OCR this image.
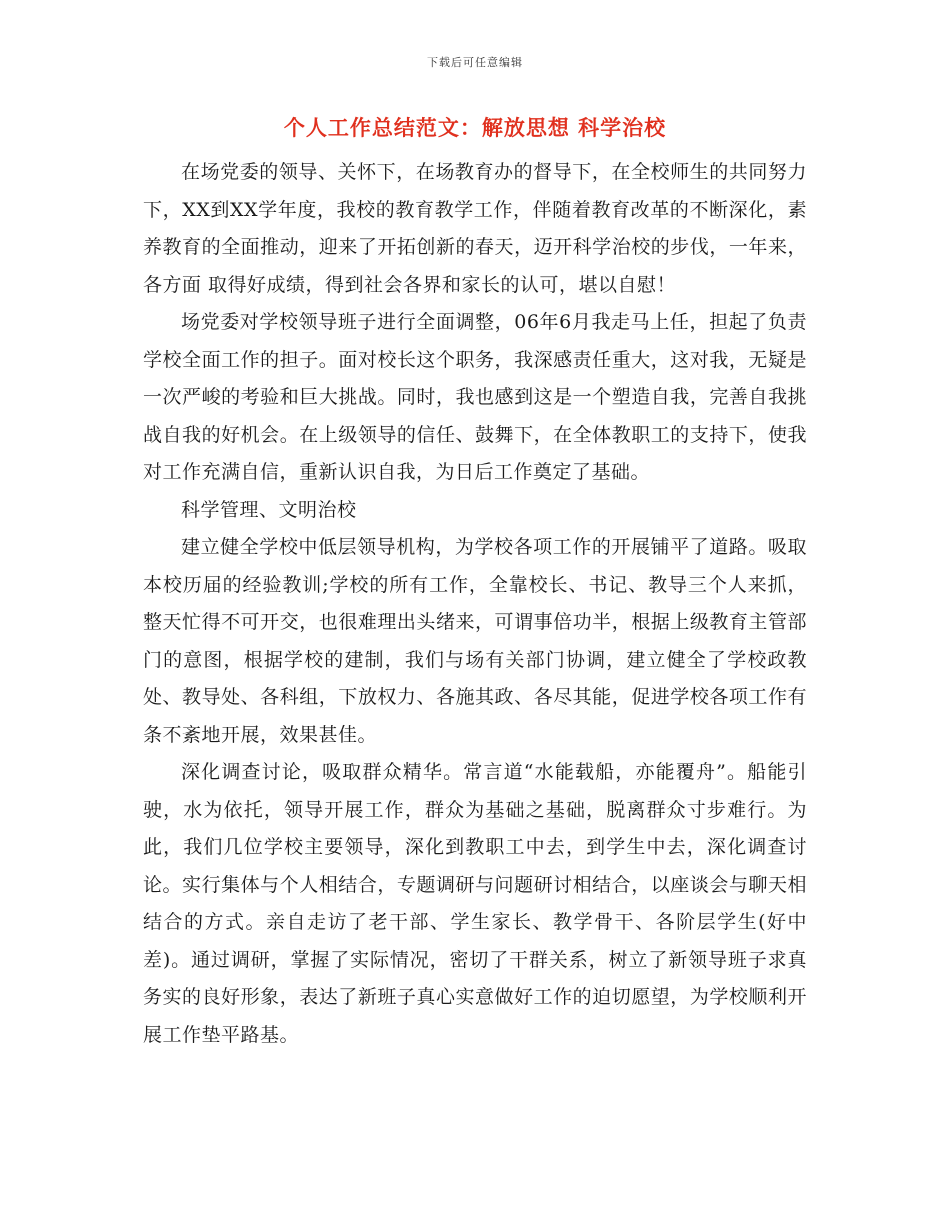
下载后可任意编辑
个人工作总结范文：解放思想 科学治校

在场党委的领导、关怀下，在场教育办的督导下，在全校师生的共同努力下，XX到XX学年度，我校的教育教学工作，伴随着教育改革的不断深化，素养教育的全面推动，迎来了开拓创新的春天，迈开科学治校的步伐，一年来，各方面 取得好成绩，得到社会各界和家长的认可，堪以自慰！

场党委对学校领导班子进行全面调整，06年6月我走马上任，担起了负责学校全面工作的担子。面对校长这个职务，我深感责任重大，这对我，无疑是一次严峻的考验和巨大挑战。同时，我也感到这是一个塑造自我，完善自我挑战自我的好机会。在上级领导的信任、鼓舞下，在全体教职工的支持下，使我对工作充满自信，重新认识自我，为日后工作奠定了基础。

科学管理、文明治校

建立健全学校中低层领导机构，为学校各项工作的开展铺平了道路。吸取本校历届的经验教训;学校的所有工作，全靠校长、书记、教导三个人来抓，整天忙得不可开交，也很难理出头绪来，可谓事倍功半，根据上级教育主管部门的意图，根据学校的建制，我们与场有关部门协调，建立健全了学校政教处、教导处、各科组，下放权力、各施其政、各尽其能，促进学校各项工作有条不紊地开展，效果甚佳。

深化调查讨论，吸取群众精华。常言道“水能载船，亦能覆舟”。船能引驶，水为依托，领导开展工作，群众为基础之基础，脱离群众寸步难行。为此，我们几位学校主要领导，深化到教职工中去，到学生中去，深化调查讨论。实行集体与个人相结合，专题调研与问题研讨相结合，以座谈会与聊天相结合的方式。亲自走访了老干部、学生家长、教学骨干、各阶层学生(好中差)。通过调研，掌握了实际情况，密切了干群关系，树立了新领导班子求真务实的良好形象，表达了新班子真心实意做好工作的迫切愿望，为学校顺利开展工作垫平路基。
